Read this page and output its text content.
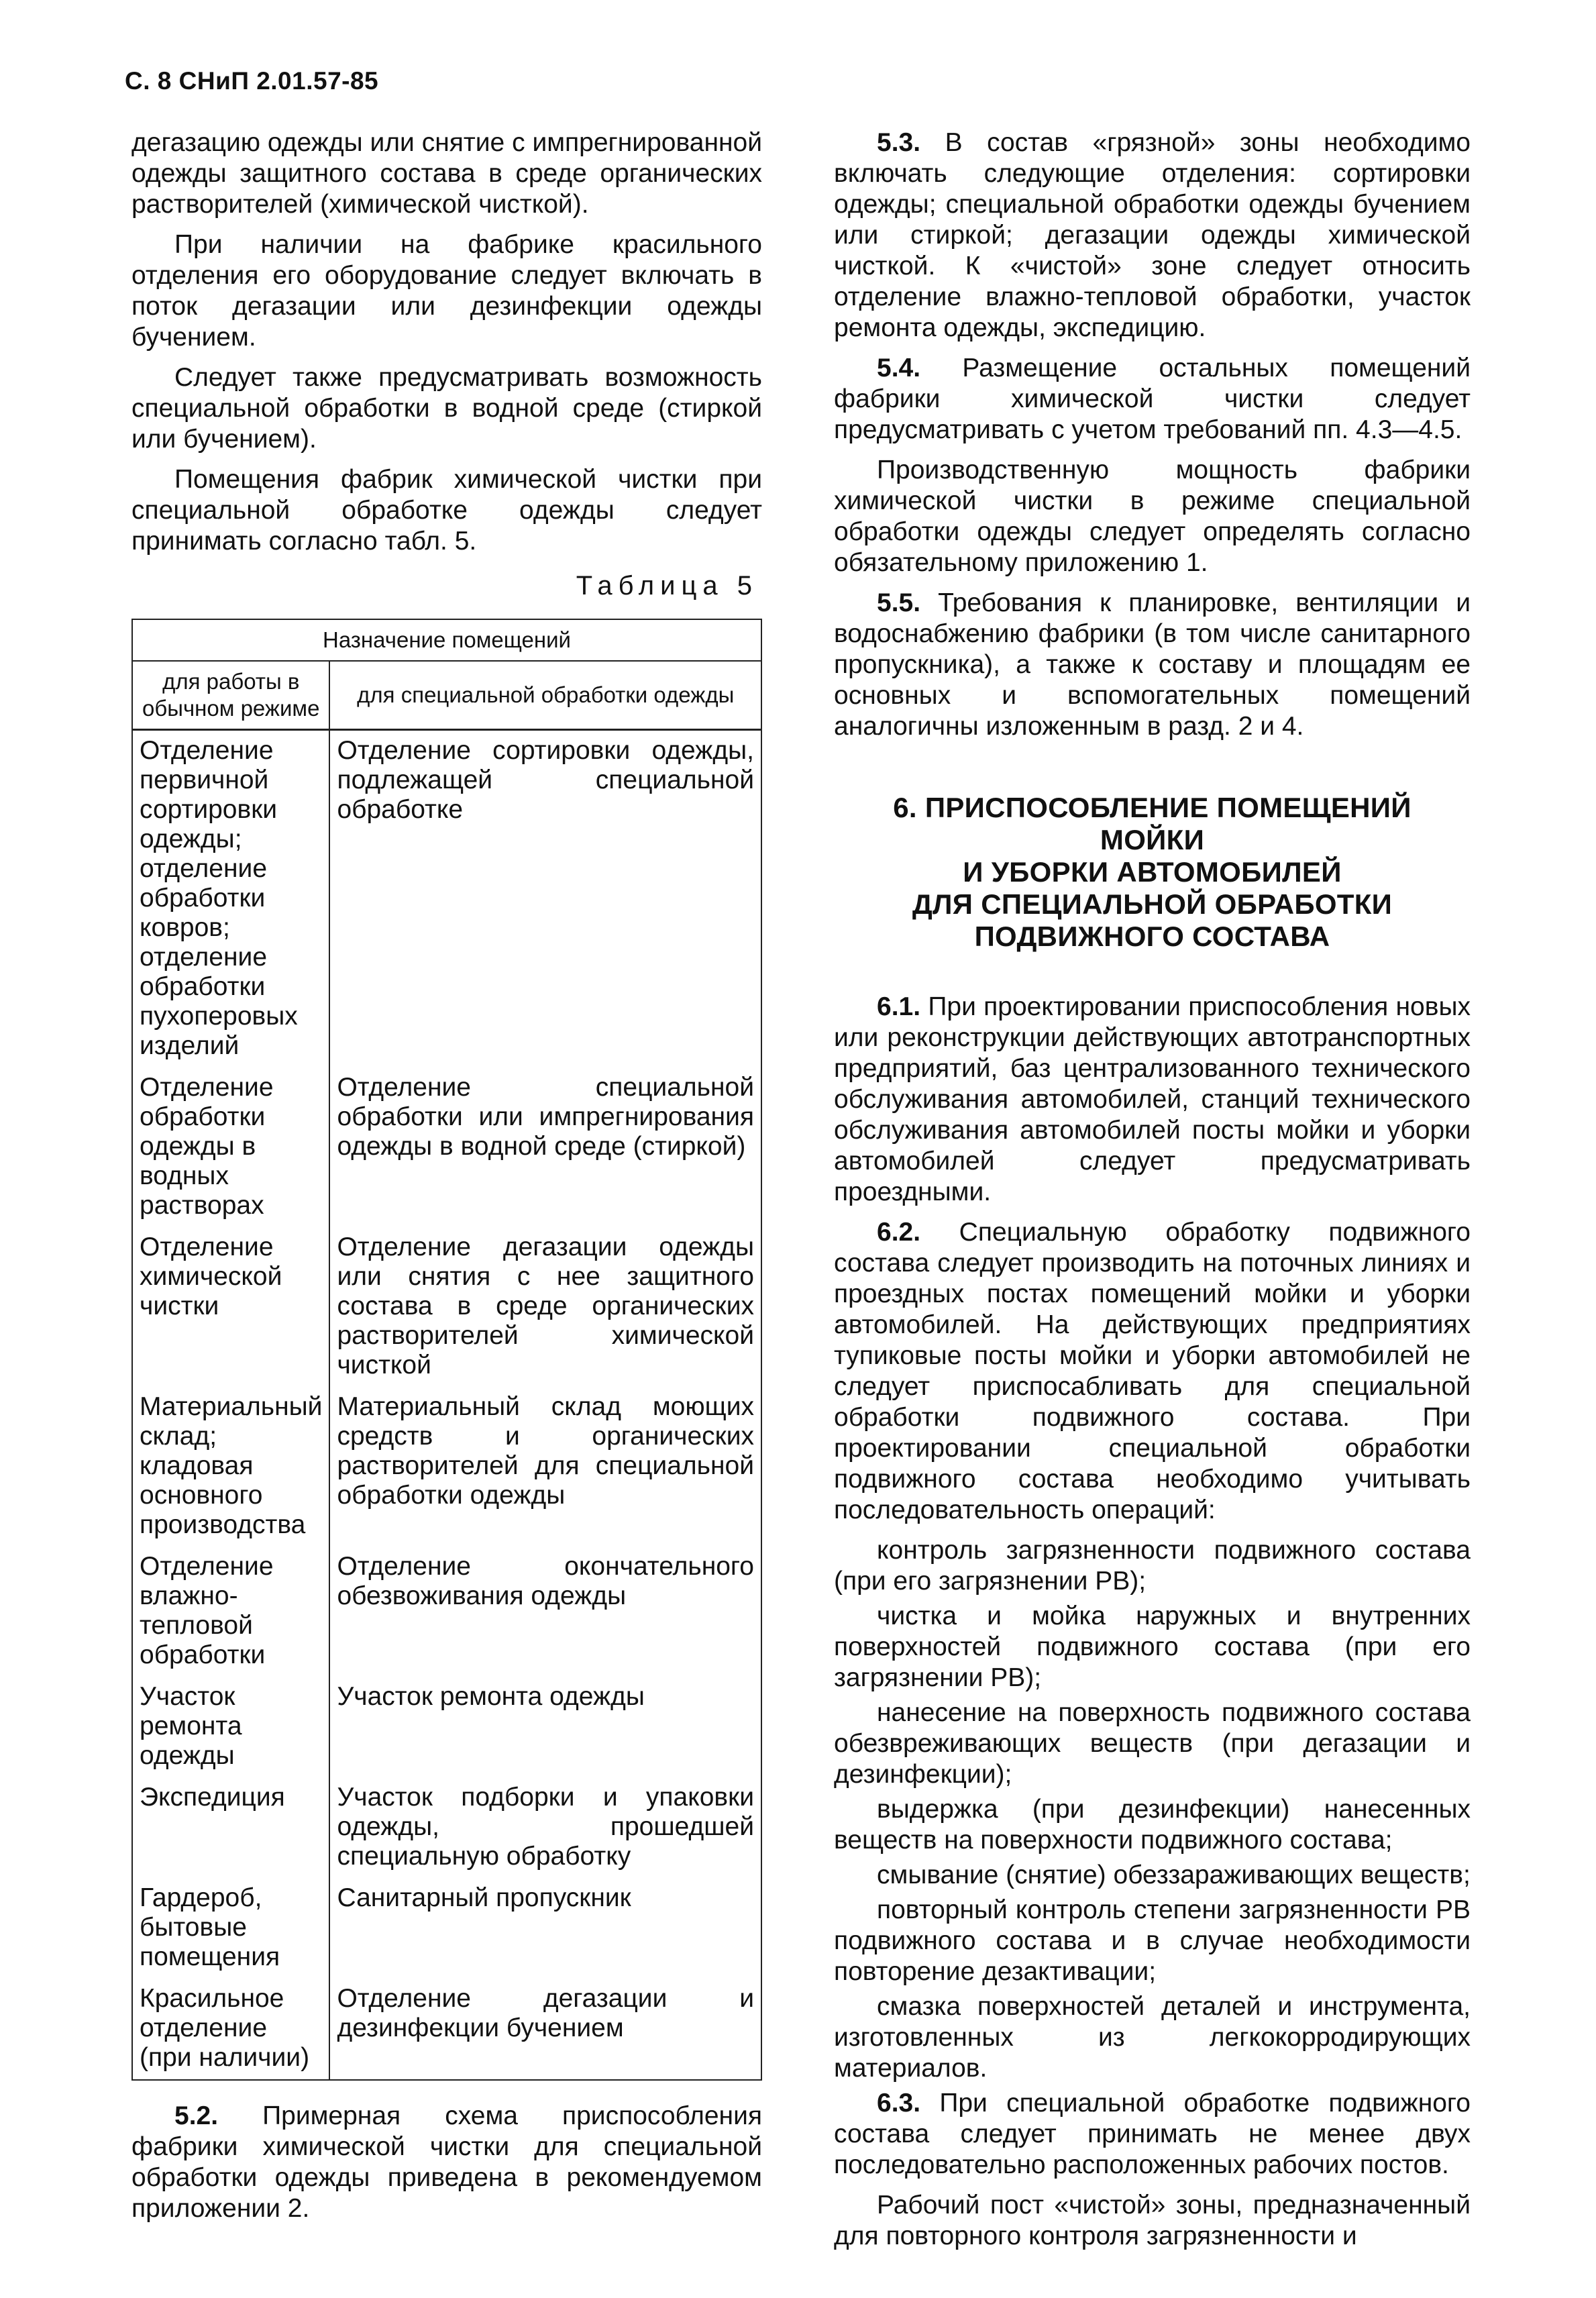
С. 8 СНиП 2.01.57-85

дегазацию одежды или снятие с импрегнированной одежды защитного состава в среде органических растворителей (химической чисткой).

При наличии на фабрике красильного отделения его оборудование следует включать в поток дегазации или дезинфекции одежды бучением.

Следует также предусматривать возможность специальной обработки в водной среде (стиркой или бучением).

Помещения фабрик химической чистки при специальной обработке одежды следует принимать согласно табл. 5.

Таблица 5
Назначение помещений	
для работы в обычном режиме	для специальной обработки одежды
Отделение первичной сортировки одежды; отделение обработки ковров; отделение обработки пухоперовых изделий	Отделение сортировки одежды, подлежащей специальной обработке
Отделение обработки одежды в водных растворах	Отделение специальной обработки или импрегнирования одежды в водной среде (стиркой)
Отделение химической чистки	Отделение дегазации одежды или снятия с нее защитного состава в среде органических растворителей химической чисткой
Материальный склад; кладовая основного производства	Материальный склад моющих средств и органических растворителей для специальной обработки одежды
Отделение влажно-тепловой обработки	Отделение окончательного обезвоживания одежды
Участок ремонта одежды	Участок ремонта одежды
Экспедиция	Участок подборки и упаковки одежды, прошедшей специальную обработку
Гардероб, бытовые помещения	Санитарный пропускник
Красильное отделение (при наличии)	Отделение дегазации и дезинфекции бучением

5.2. Примерная схема приспособления фабрики химической чистки для специальной обработки одежды приведена в рекомендуемом приложении 2.

5.3. В состав «грязной» зоны необходимо включать следующие отделения: сортировки одежды; специальной обработки одежды бучением или стиркой; дегазации одежды химической чисткой. К «чистой» зоне следует относить отделение влажно-тепловой обработки, участок ремонта одежды, экспедицию.

5.4. Размещение остальных помещений фабрики химической чистки следует предусматривать с учетом требований пп. 4.3—4.5.

Производственную мощность фабрики химической чистки в режиме специальной обработки одежды следует определять согласно обязательному приложению 1.

5.5. Требования к планировке, вентиляции и водоснабжению фабрики (в том числе санитарного пропускника), а также к составу и площадям ее основных и вспомогательных помещений аналогичны изложенным в разд. 2 и 4.

6. ПРИСПОСОБЛЕНИЕ ПОМЕЩЕНИЙ МОЙКИ
И УБОРКИ АВТОМОБИЛЕЙ
ДЛЯ СПЕЦИАЛЬНОЙ ОБРАБОТКИ
ПОДВИЖНОГО СОСТАВА

6.1. При проектировании приспособления новых или реконструкции действующих автотранспортных предприятий, баз централизованного технического обслуживания автомобилей, станций технического обслуживания автомобилей посты мойки и уборки автомобилей следует предусматривать проездными.

6.2. Специальную обработку подвижного состава следует производить на поточных линиях и проездных постах помещений мойки и уборки автомобилей. На действующих предприятиях тупиковые посты мойки и уборки автомобилей не следует приспосабливать для специальной обработки подвижного состава. При проектировании специальной обработки подвижного состава необходимо учитывать последовательность операций:

контроль загрязненности подвижного состава (при его загрязнении РВ);

чистка и мойка наружных и внутренних поверхностей подвижного состава (при его загрязнении РВ);

нанесение на поверхность подвижного состава обезвреживающих веществ (при дегазации и дезинфекции);

выдержка (при дезинфекции) нанесенных веществ на поверхности подвижного состава;

смывание (снятие) обеззараживающих веществ;

повторный контроль степени загрязненности РВ подвижного состава и в случае необходимости повторение дезактивации;

смазка поверхностей деталей и инструмента, изготовленных из легкокорродирующих материалов.

6.3. При специальной обработке подвижного состава следует принимать не менее двух последовательно расположенных рабочих постов.

Рабочий пост «чистой» зоны, предназначенный для повторного контроля загрязненности и
